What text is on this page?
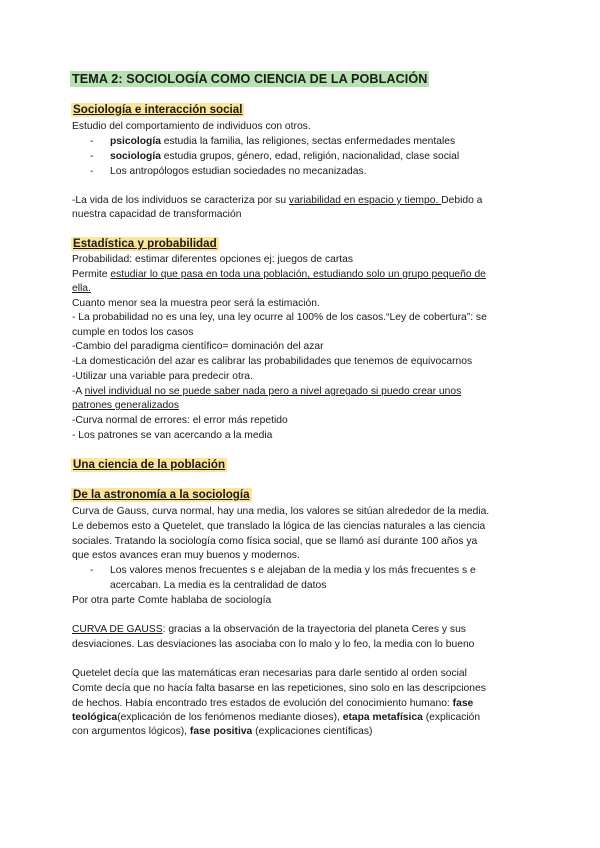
TEMA 2: SOCIOLOGÍA COMO CIENCIA DE LA POBLACIÓN
Sociología e interacción social
Estudio del comportamiento de individuos con otros.
- psicología estudia la familia, las religiones, sectas enfermedades mentales
- sociología estudia grupos, género, edad, religión, nacionalidad, clase social
- Los antropólogos estudian sociedades no mecanizadas.
-La vida de los individuos se caracteriza por su variabilidad en espacio y tiempo. Debido a
nuestra capacidad de transformación
Estadística y probabilidad
Probabilidad: estimar diferentes opciones ej: juegos de cartas
Permite estudiar lo que pasa en toda una población, estudiando solo un grupo pequeño de
ella.
Cuanto menor sea la muestra peor será la estimación.
- La probabilidad no es una ley, una ley ocurre al 100% de los casos.“Ley de cobertura”: se
cumple en todos los casos
-Cambio del paradigma científico= dominación del azar
-La domesticación del azar es calibrar las probabilidades que tenemos de equivocarnos
-Utilizar una variable para predecir otra.
-A nivel individual no se puede saber nada pero a nivel agregado si puedo crear unos
patrones generalizados
-Curva normal de errores: el error más repetido
- Los patrones se van acercando a la media
Una ciencia de la población
De la astronomía a la sociología
Curva de Gauss, curva normal, hay una media, los valores se sitúan alrededor de la media.
Le debemos esto a Quetelet, que translado la lógica de las ciencias naturales a las ciencia
sociales. Tratando la sociología como física social, que se llamó así durante 100 años ya
que estos avances eran muy buenos y modernos.
- Los valores menos frecuentes s e alejaban de la media y los más frecuentes s e
acercaban. La media es la centralidad de datos
Por otra parte Comte hablaba de sociología
CURVA DE GAUSS: gracias a la observación de la trayectoria del planeta Ceres y sus
desviaciones. Las desviaciones las asociaba con lo malo y lo feo, la media con lo bueno
Quetelet decía que las matemáticas eran necesarias para darle sentido al orden social
Comte decía que no hacía falta basarse en las repeticiones, sino solo en las descripciones
de hechos. Había encontrado tres estados de evolución del conocimiento humano: fase
teológica(explicación de los fenómenos mediante dioses), etapa metafísica (explicación
con argumentos lógicos), fase positiva (explicaciones científicas)
